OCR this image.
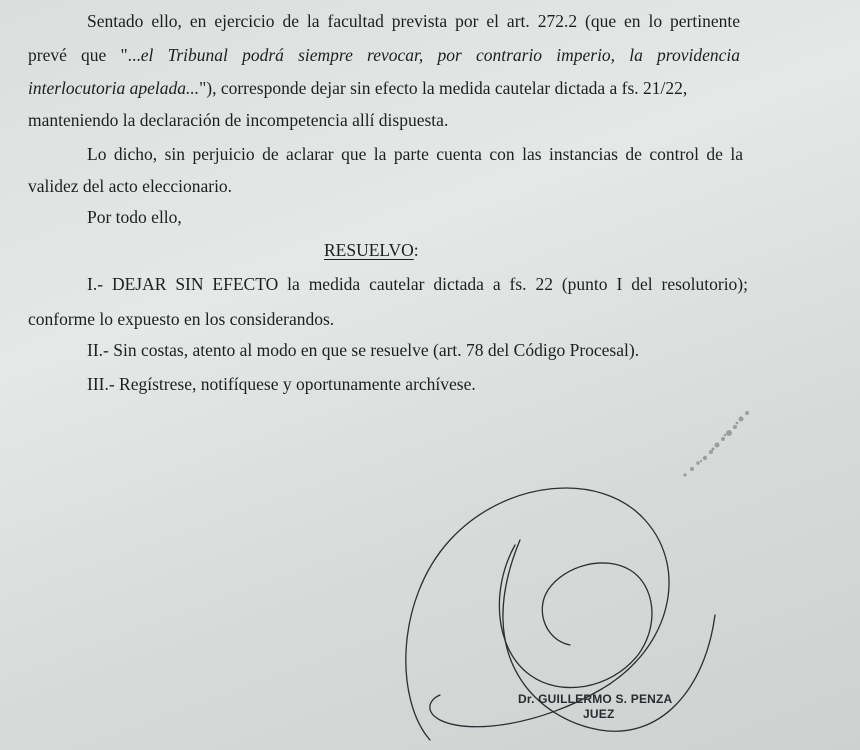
Sentado ello, en ejercicio de la facultad prevista por el art. 272.2 (que en lo pertinente

prevé que "...el Tribunal podrá siempre revocar, por contrario imperio, la providencia

interlocutoria apelada..."), corresponde dejar sin efecto la medida cautelar dictada a fs. 21/22,

manteniendo la declaración de incompetencia allí dispuesta.

Lo dicho, sin perjuicio de aclarar que la parte cuenta con las instancias de control de la

validez del acto eleccionario.

Por todo ello,

RESUELVO:

I.- DEJAR SIN EFECTO la medida cautelar dictada a fs. 22 (punto I del resolutorio);

conforme lo expuesto en los considerandos.

II.- Sin costas, atento al modo en que se resuelve (art. 78 del Código Procesal).

III.- Regístrese, notifíquese y oportunamente archívese.

Dr. GUILLERMO S. PENZA
JUEZ
